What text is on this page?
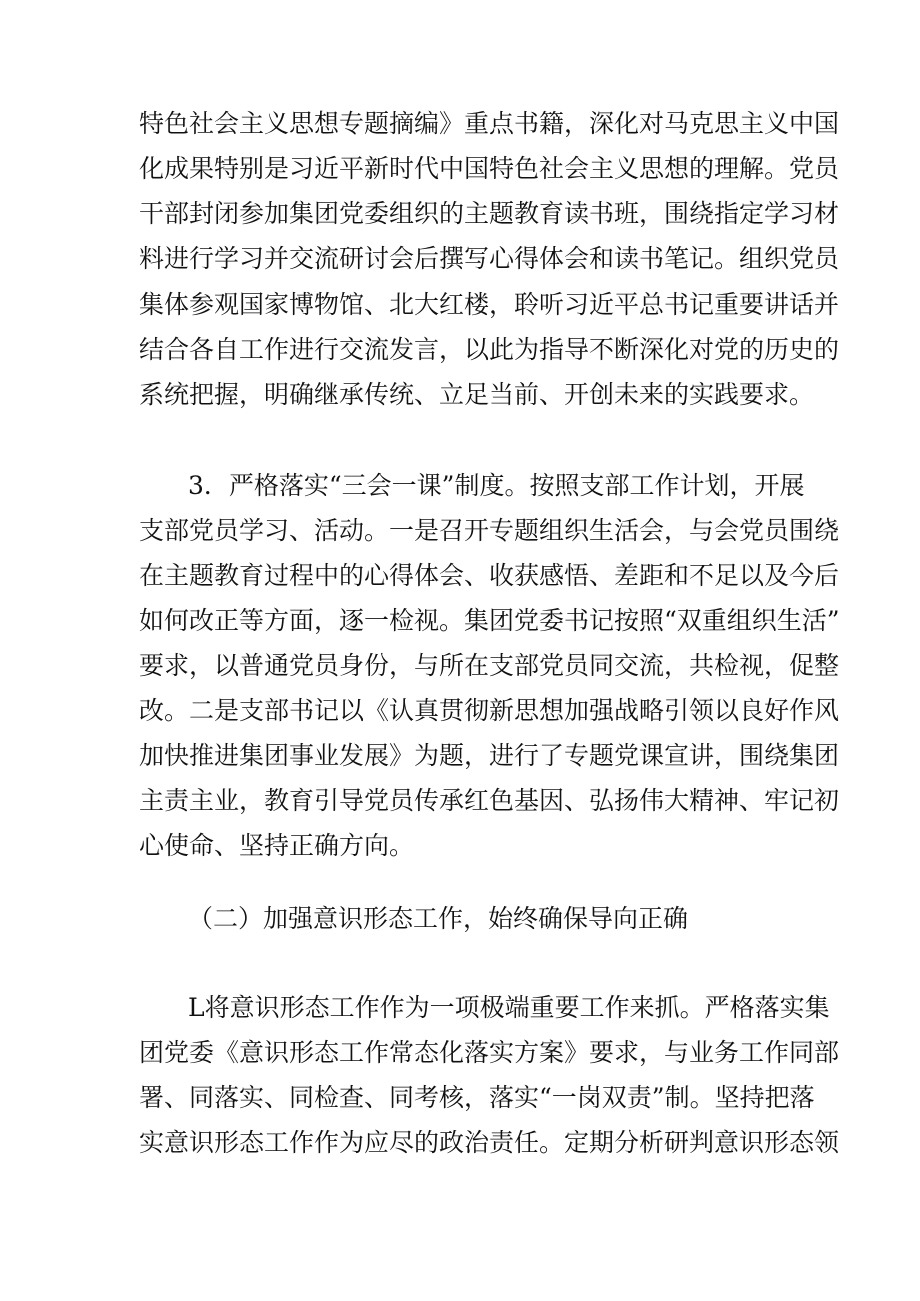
特色社会主义思想专题摘编》重点书籍，深化对马克思主义中国

化成果特别是习近平新时代中国特色社会主义思想的理解。党员

干部封闭参加集团党委组织的主题教育读书班，围绕指定学习材

料进行学习并交流研讨会后撰写心得体会和读书笔记。组织党员

集体参观国家博物馆、北大红楼，聆听习近平总书记重要讲话并

结合各自工作进行交流发言，以此为指导不断深化对党的历史的

系统把握，明确继承传统、立足当前、开创未来的实践要求。

3．严格落实“三会一课”制度。按照支部工作计划，开展

支部党员学习、活动。一是召开专题组织生活会，与会党员围绕

在主题教育过程中的心得体会、收获感悟、差距和不足以及今后

如何改正等方面，逐一检视。集团党委书记按照“双重组织生活”

要求，以普通党员身份，与所在支部党员同交流，共检视，促整

改。二是支部书记以《认真贯彻新思想加强战略引领以良好作风

加快推进集团事业发展》为题，进行了专题党课宣讲，围绕集团

主责主业，教育引导党员传承红色基因、弘扬伟大精神、牢记初

心使命、坚持正确方向。

（二）加强意识形态工作，始终确保导向正确

L将意识形态工作作为一项极端重要工作来抓。严格落实集

团党委《意识形态工作常态化落实方案》要求，与业务工作同部

署、同落实、同检查、同考核，落实“一岗双责”制。坚持把落

实意识形态工作作为应尽的政治责任。定期分析研判意识形态领
